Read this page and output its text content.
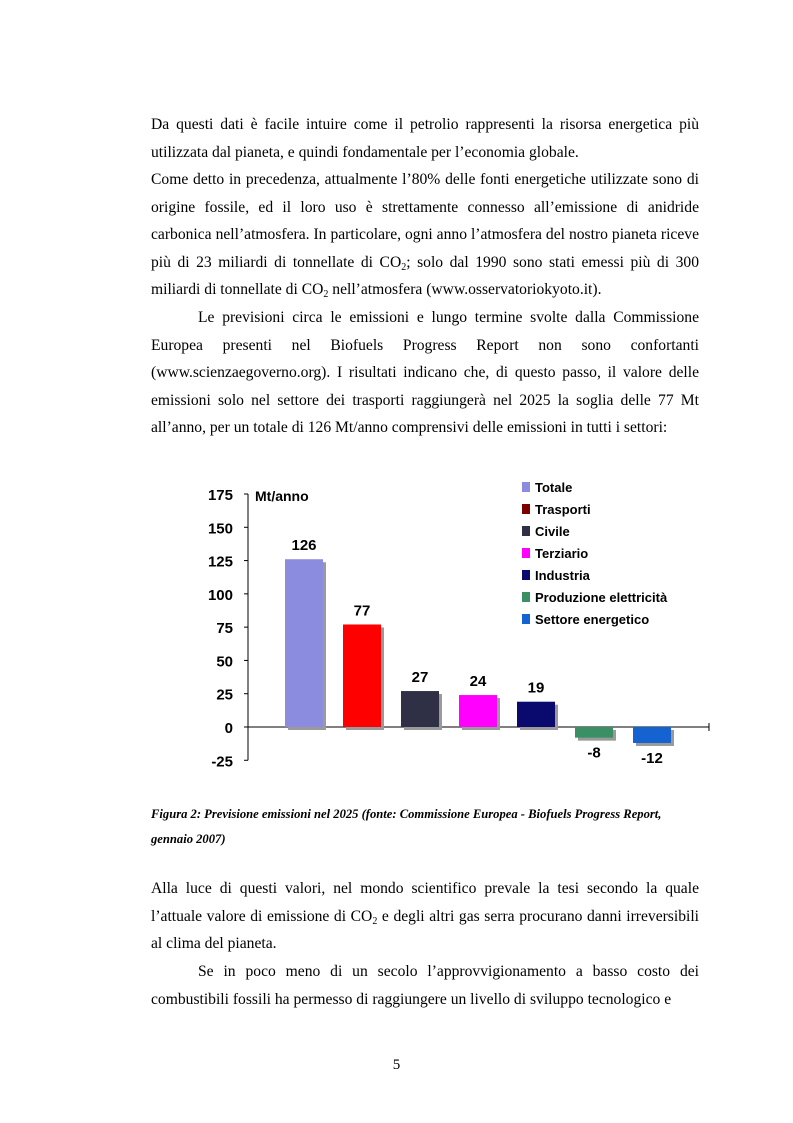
Da questi dati è facile intuire come il petrolio rappresenti la risorsa energetica più utilizzata dal pianeta, e quindi fondamentale per l’economia globale.
Come detto in precedenza, attualmente l’80% delle fonti energetiche utilizzate sono di origine fossile, ed il loro uso è strettamente connesso all’emissione di anidride carbonica nell’atmosfera. In particolare, ogni anno l’atmosfera del nostro pianeta riceve più di 23 miliardi di tonnellate di $CO_2$; solo dal 1990 sono stati emessi più di 300 miliardi di tonnellate di $CO_2$ nell’atmosfera (www.osservatoriokyoto.it).

Le previsioni circa le emissioni e lungo termine svolte dalla Commissione Europea presenti nel Biofuels Progress Report non sono confortanti (www.scienzaegoverno.org). I risultati indicano che, di questo passo, il valore delle emissioni solo nel settore dei trasporti raggiungerà nel 2025 la soglia delle 77 Mt all’anno, per un totale di 126 Mt/anno comprensivi delle emissioni in tutti i settori:

175
150
125
100
75
50
25
0
-25
Mt/anno
126
77
27	24	19
-8	-12
Totale
Trasporti
Civile
Terziario
Industria
Produzione elettricità
Settore energetico

Figura 2: Previsione emissioni nel 2025 (fonte: Commissione Europea - Biofuels Progress Report, gennaio 2007)

Alla luce di questi valori, nel mondo scientifico prevale la tesi secondo la quale l’attuale valore di emissione di $CO_2$ e degli altri gas serra procurano danni irreversibili al clima del pianeta.

Se in poco meno di un secolo l’approvvigionamento a basso costo dei combustibili fossili ha permesso di raggiungere un livello di sviluppo tecnologico e

5
